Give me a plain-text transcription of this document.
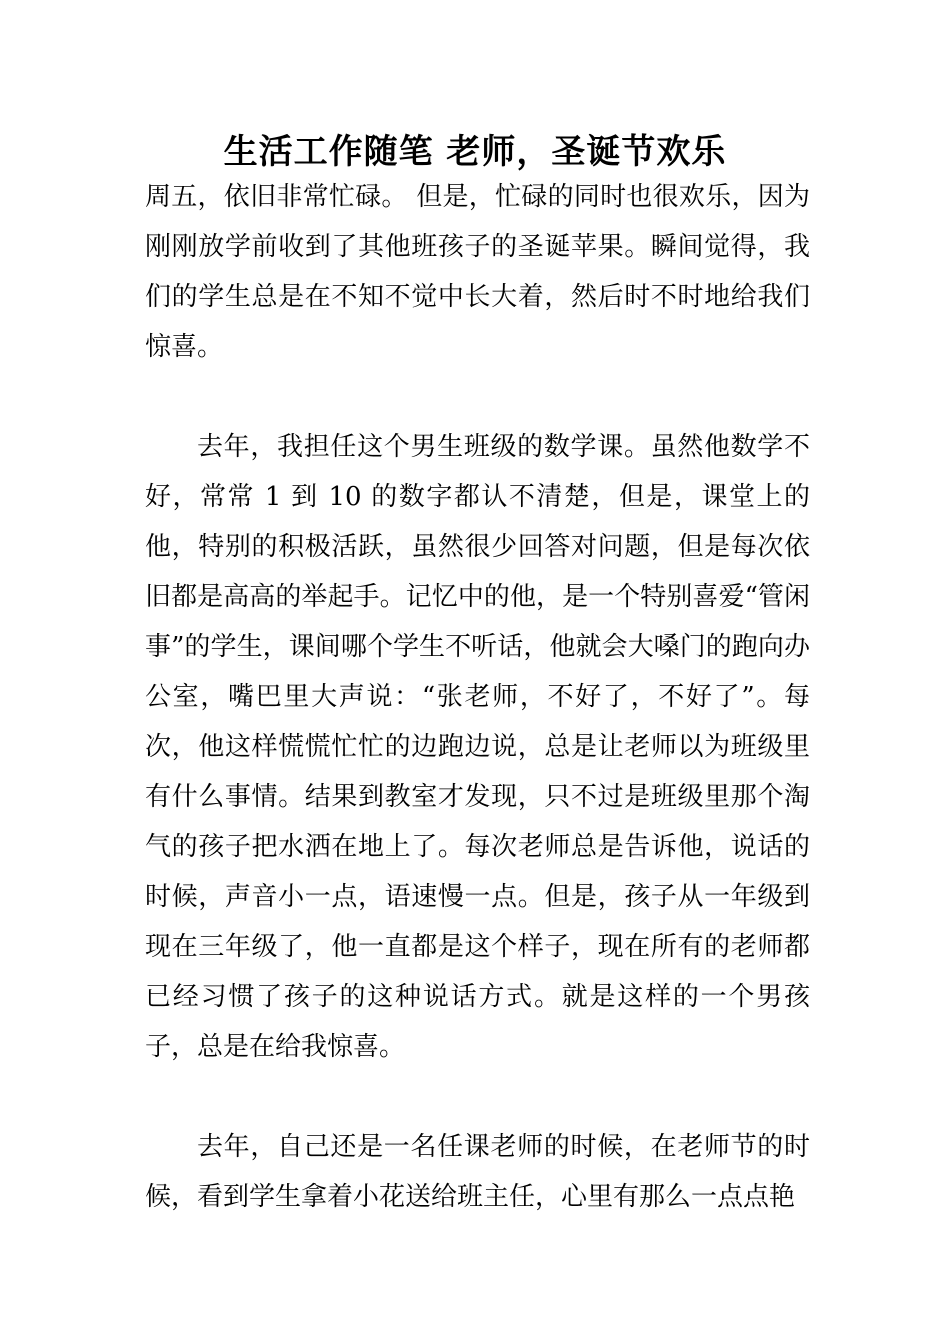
生活工作随笔 老师，圣诞节欢乐

周五，依旧非常忙碌。 但是，忙碌的同时也很欢乐，因为刚刚放学前收到了其他班孩子的圣诞苹果。瞬间觉得，我们的学生总是在不知不觉中长大着，然后时不时地给我们惊喜。

去年，我担任这个男生班级的数学课。虽然他数学不好，常常 1 到 10 的数字都认不清楚，但是，课堂上的他，特别的积极活跃，虽然很少回答对问题，但是每次依旧都是高高的举起手。记忆中的他，是一个特别喜爱“管闲事”的学生，课间哪个学生不听话，他就会大嗓门的跑向办公室，嘴巴里大声说：“张老师，不好了，不好了”。每次，他这样慌慌忙忙的边跑边说，总是让老师以为班级里有什么事情。结果到教室才发现，只不过是班级里那个淘气的孩子把水洒在地上了。每次老师总是告诉他，说话的时候，声音小一点，语速慢一点。但是，孩子从一年级到现在三年级了，他一直都是这个样子，现在所有的老师都已经习惯了孩子的这种说话方式。就是这样的一个男孩子，总是在给我惊喜。

去年，自己还是一名任课老师的时候，在老师节的时候，看到学生拿着小花送给班主任，心里有那么一点点艳
